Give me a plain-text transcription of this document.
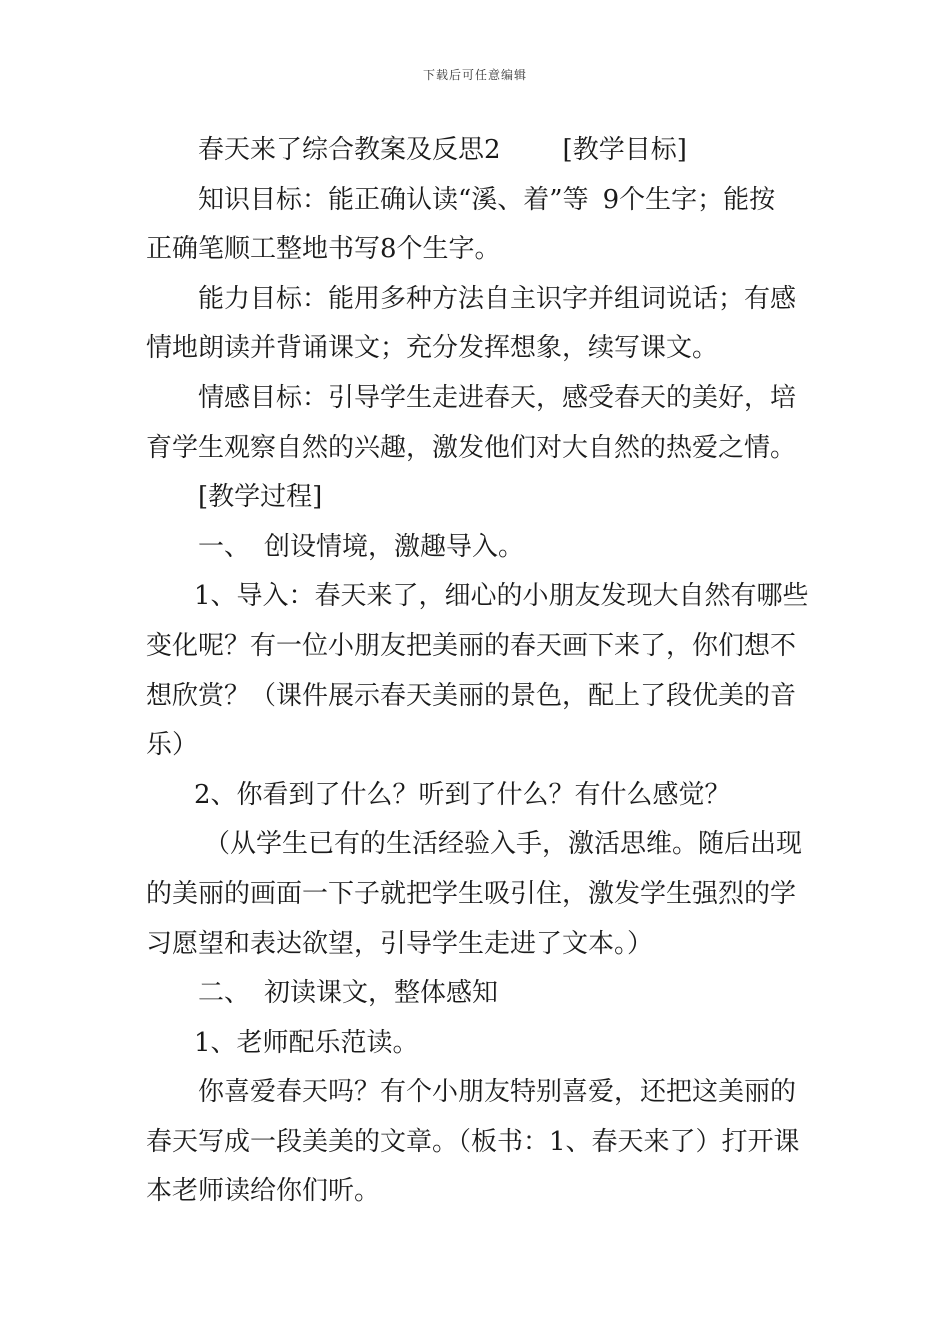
下载后可任意编辑
春天来了综合教案及反思2 [教学目标]
知识目标：能正确认读“溪、着”等 9个生字；能按
正确笔顺工整地书写8个生字。
能力目标：能用多种方法自主识字并组词说话；有感
情地朗读并背诵课文；充分发挥想象，续写课文。
情感目标：引导学生走进春天，感受春天的美好，培
育学生观察自然的兴趣，激发他们对大自然的热爱之情。
[教学过程]
一、 创设情境，激趣导入。
1、导入：春天来了，细心的小朋友发现大自然有哪些
变化呢？有一位小朋友把美丽的春天画下来了，你们想不
想欣赏？（课件展示春天美丽的景色，配上了段优美的音
乐）
2、你看到了什么？听到了什么？有什么感觉？
（从学生已有的生活经验入手，激活思维。随后出现
的美丽的画面一下子就把学生吸引住，激发学生强烈的学
习愿望和表达欲望，引导学生走进了文本。）
二、 初读课文，整体感知
1、老师配乐范读。
你喜爱春天吗？有个小朋友特别喜爱，还把这美丽的
春天写成一段美美的文章。（板书：1、春天来了）打开课
本老师读给你们听。
